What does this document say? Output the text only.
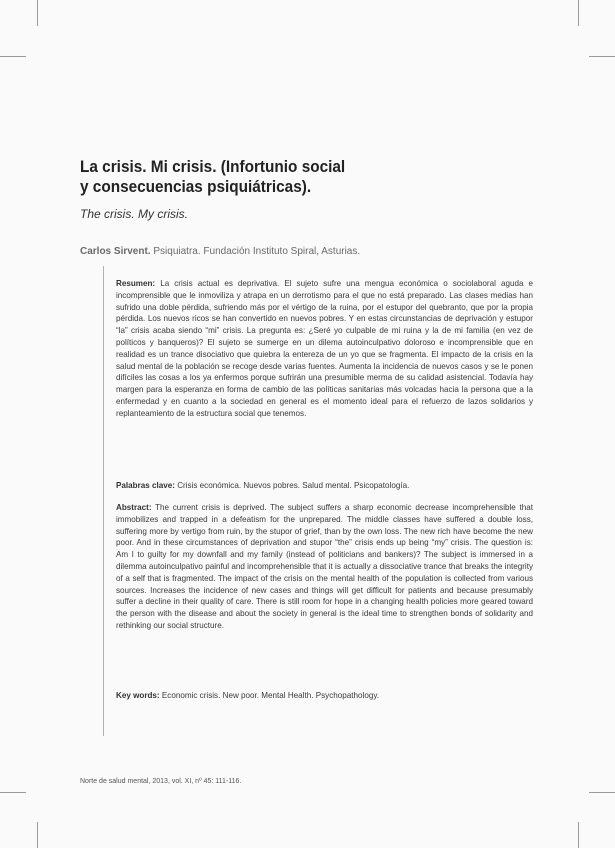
La crisis. Mi crisis. (Infortunio social
y consecuencias psiquiátricas).
The crisis. My crisis.
Carlos Sirvent. Psiquiatra. Fundación Instituto Spiral, Asturias.
Resumen: La crisis actual es deprivativa. El sujeto sufre una mengua económica o sociolaboral aguda e incomprensible que le inmoviliza y atrapa en un derrotismo para el que no está preparado. Las clases medias han sufrido una doble pérdida, sufriendo más por el vértigo de la ruina, por el estupor del quebranto, que por la propia pérdida. Los nuevos ricos se han convertido en nuevos pobres. Y en estas circunstancias de deprivación y estupor “la” crisis acaba siendo “mi” crisis. La pregunta es: ¿Seré yo culpable de mi ruina y la de mi familia (en vez de políticos y banqueros)? El sujeto se sumerge en un dilema autoinculpativo doloroso e incomprensible que en realidad es un trance disociativo que quiebra la entereza de un yo que se fragmenta. El impacto de la crisis en la salud mental de la población se recoge desde varias fuentes. Aumenta la incidencia de nuevos casos y se le ponen difíciles las cosas a los ya enfermos porque sufrirán una presumible merma de su calidad asistencial. Todavía hay margen para la esperanza en forma de cambio de las políticas sanitarias más volcadas hacia la persona que a la enfermedad y en cuanto a la sociedad en general es el momento ideal para el refuerzo de lazos solidarios y replanteamiento de la estructura social que tenemos.
Palabras clave: Crisis económica. Nuevos pobres. Salud mental. Psicopatología.
Abstract: The current crisis is deprived. The subject suffers a sharp economic decrease incomprehensible that immobilizes and trapped in a defeatism for the unprepared. The middle classes have suffered a double loss, suffering more by vertigo from ruin, by the stupor of grief, than by the own loss. The new rich have become the new poor. And in these circumstances of deprivation and stupor “the” crisis ends up being “my” crisis. The question is: Am I to guilty for my downfall and my family (instead of politicians and bankers)? The subject is immersed in a dilemma autoinculpativo painful and incomprehensible that it is actually a dissociative trance that breaks the integrity of a self that is fragmented. The impact of the crisis on the mental health of the population is collected from various sources. Increases the incidence of new cases and things will get difficult for patients and because presumably suffer a decline in their quality of care. There is still room for hope in a changing health policies more geared toward the person with the disease and about the society in general is the ideal time to strengthen bonds of solidarity and rethinking our social structure.
Key words: Economic crisis. New poor. Mental Health. Psychopathology.
Norte de salud mental, 2013, vol. XI, nº 45: 111-116.
